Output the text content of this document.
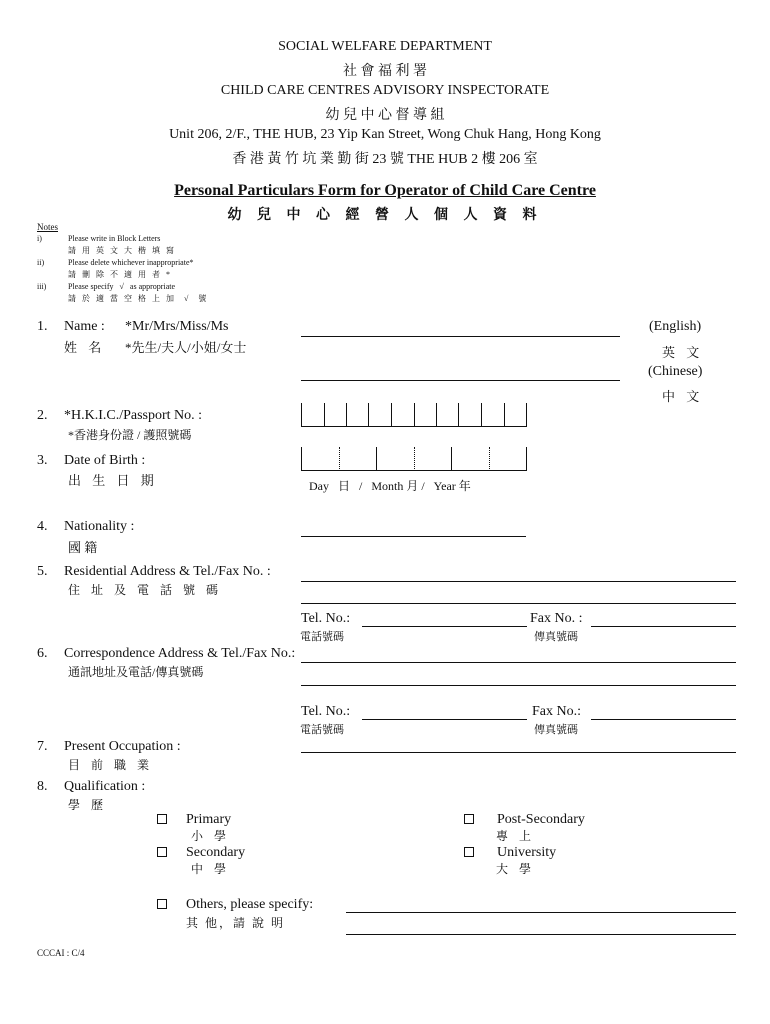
SOCIAL WELFARE DEPARTMENT
社 會 福 利 署
CHILD CARE CENTRES ADVISORY INSPECTORATE
幼 兒 中 心 督 導 組
Unit 206, 2/F., THE HUB, 23 Yip Kan Street, Wong Chuk Hang, Hong Kong
香 港 黃 竹 坑 業 勤 街 23 號 THE HUB 2 樓 206 室
Personal Particulars Form for Operator of Child Care Centre
幼 兒 中 心 經 營 人 個 人 資 料
Notes
i)	Please write in Block Letters
請 用 英 文 大 楷 填 寫
ii)	Please delete whichever inappropriate*
請 刪 除 不 適 用 者 *
iii)	Please specify   √   as appropriate
請 於 適 當 空 格 上 加  √  號
1. Name : *Mr/Mrs/Miss/Ms
姓 名 *先生/夫人/小姐/女士
(English)
英 文
(Chinese)
中 文
2. *H.K.I.C./Passport No. :
*香港身份證 / 護照號碼
3. Date of Birth :
出 生 日 期	Day   日   /   Month 月 /   Year 年
4. Nationality :
國 籍
5. Residential Address & Tel./Fax No. :
住 址 及 電 話 號 碼
Tel. No.:
電話號碼
Fax No. :
傳真號碼
6. Correspondence Address & Tel./Fax No.:
通訊地址及電話/傳真號碼
Tel. No.:
電話號碼
Fax No.:
傳真號碼
7. Present Occupation :
目 前 職 業
8. Qualification :
學 歷
Primary
小 學
Secondary
中 學
Post-Secondary
專 上
University
大 學
Others, please specify:
其 他，請 說 明
CCCAI : C/4
